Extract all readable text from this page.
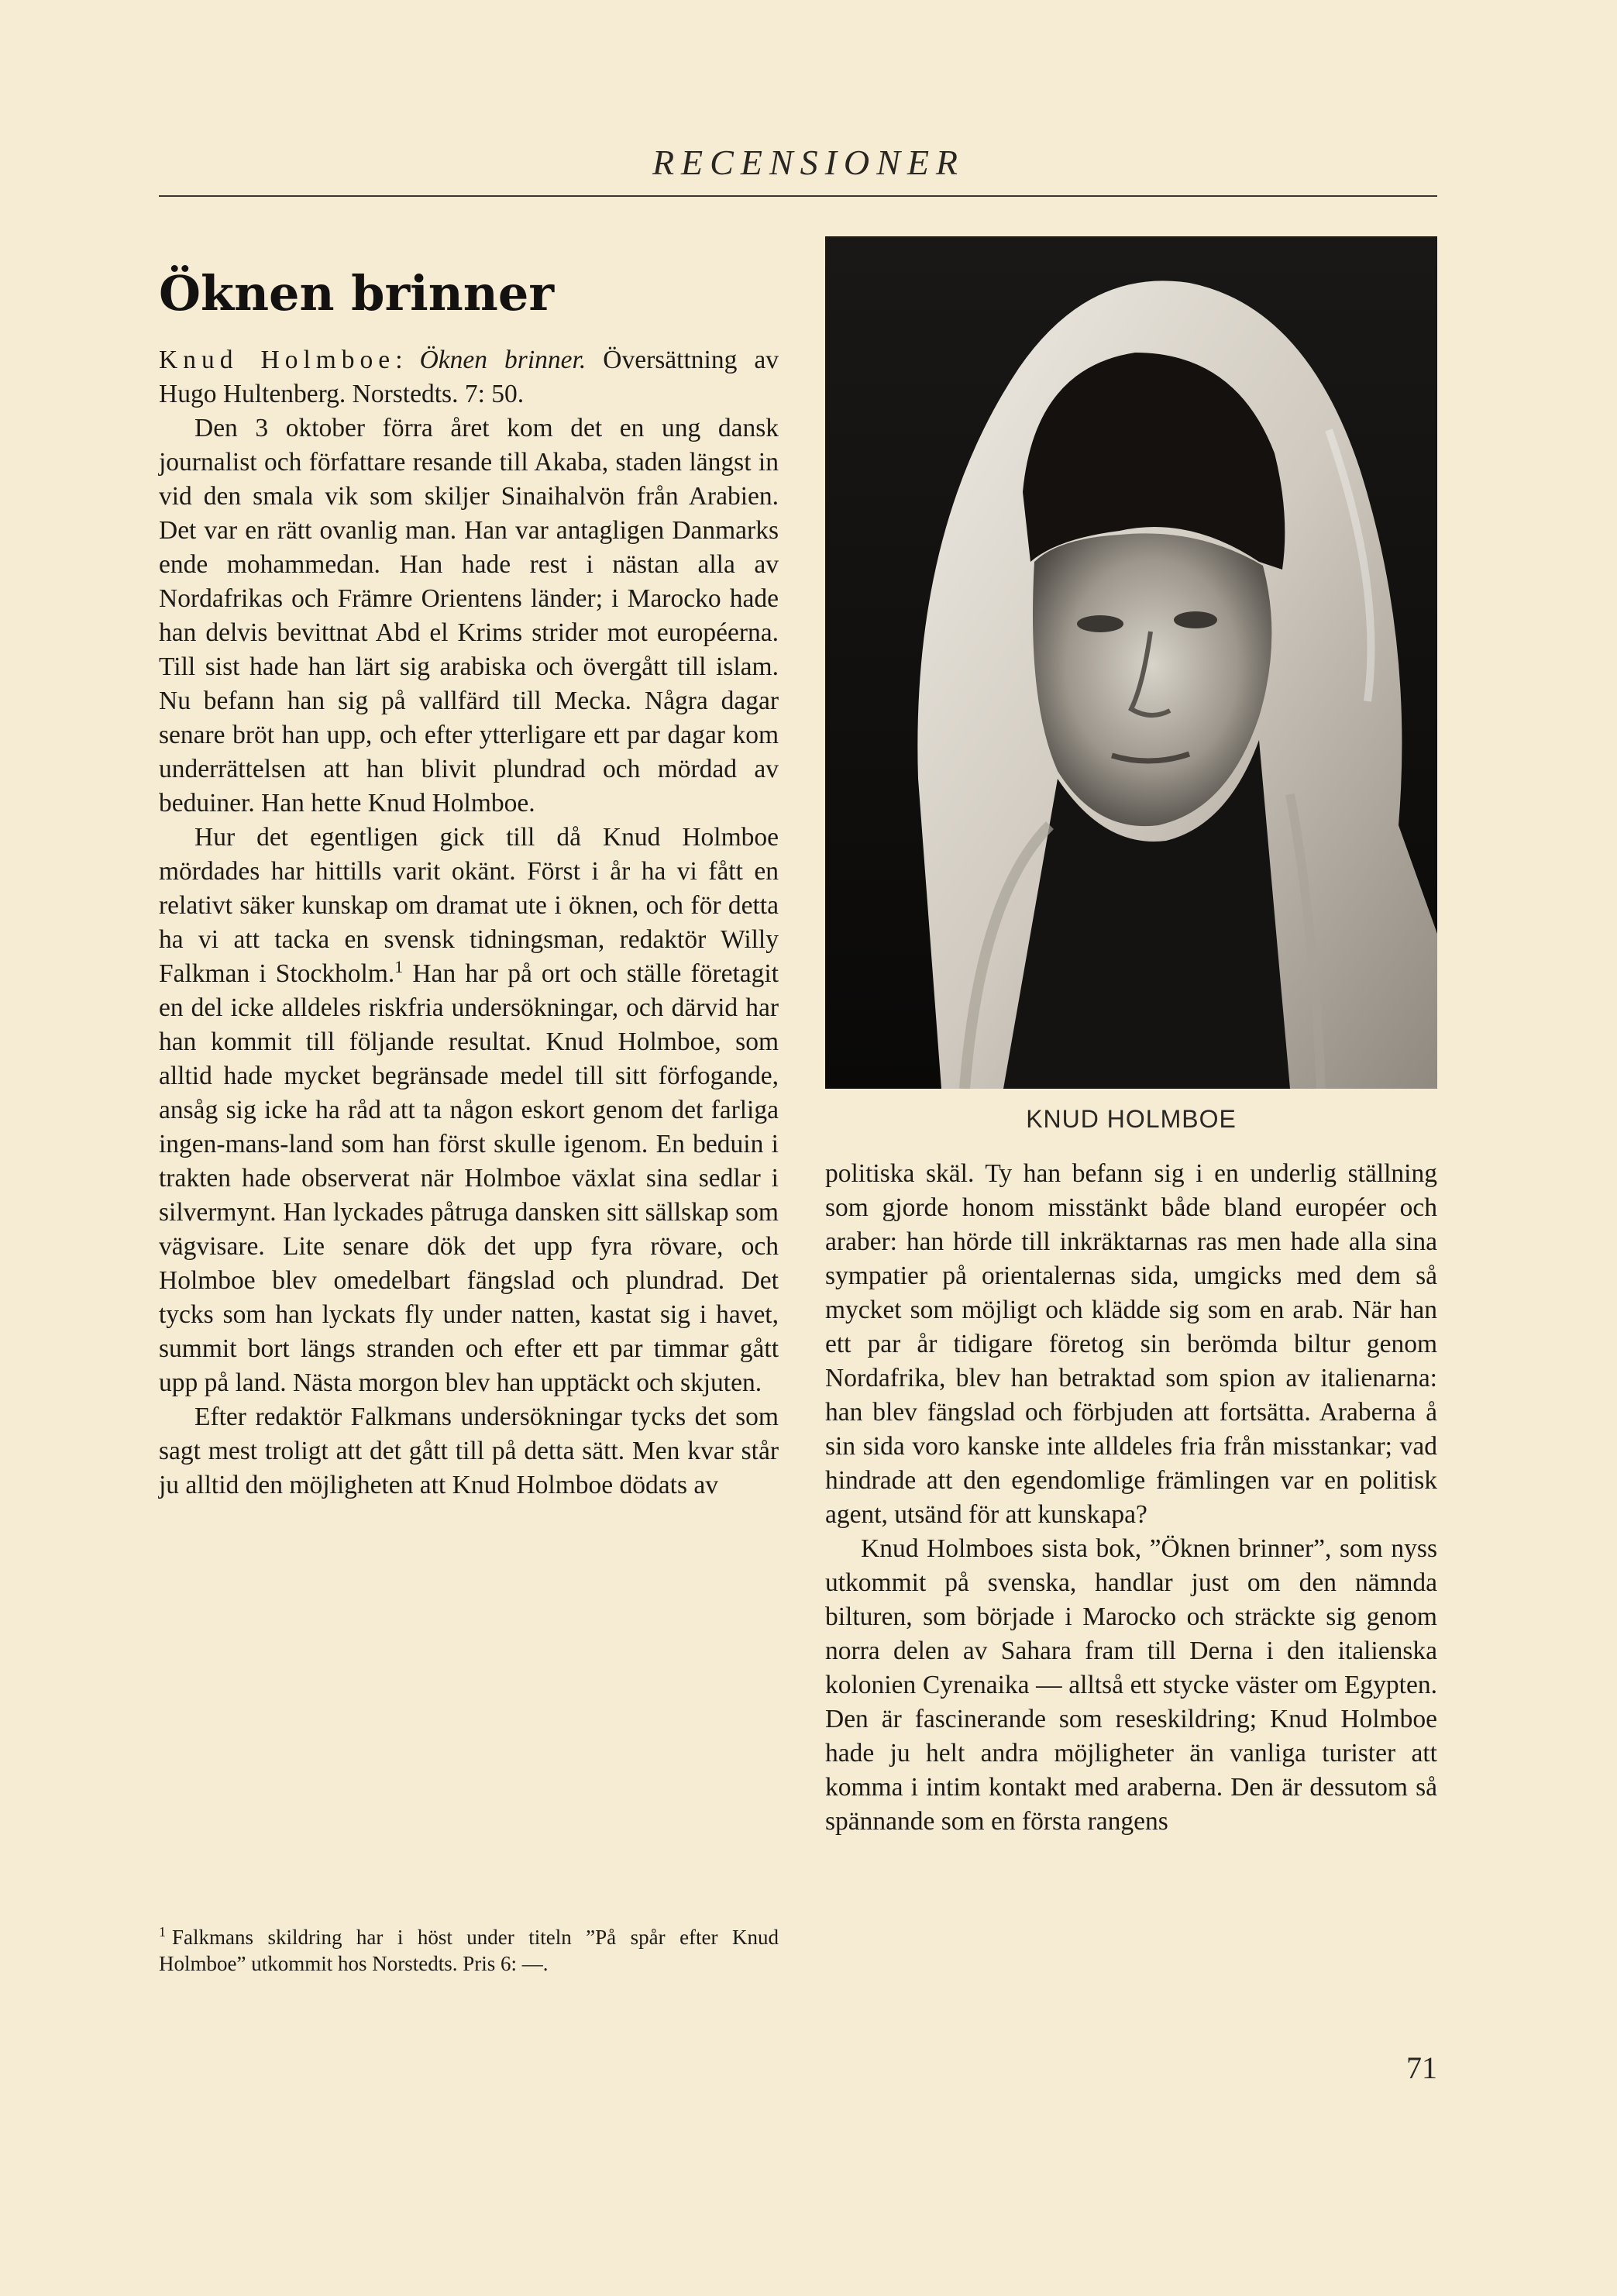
RECENSIONER
Öknen brinner

Knud Holmboe: Öknen brinner. Översättning av Hugo Hultenberg. Norstedts. 7: 50.

Den 3 oktober förra året kom det en ung dansk journalist och författare resande till Akaba, staden längst in vid den smala vik som skiljer Sinaihalvön från Arabien. Det var en rätt ovanlig man. Han var antagligen Danmarks ende mohammedan. Han hade rest i nästan alla av Nordafrikas och Främre Orientens länder; i Marocko hade han delvis bevittnat Abd el Krims strider mot européerna. Till sist hade han lärt sig arabiska och övergått till islam. Nu befann han sig på vallfärd till Mecka. Några dagar senare bröt han upp, och efter ytterligare ett par dagar kom underrättelsen att han blivit plundrad och mördad av beduiner. Han hette Knud Holmboe.

Hur det egentligen gick till då Knud Holmboe mördades har hittills varit okänt. Först i år ha vi fått en relativt säker kunskap om dramat ute i öknen, och för detta ha vi att tacka en svensk tidningsman, redaktör Willy Falkman i Stockholm.$^1$ Han har på ort och ställe företagit en del icke alldeles riskfria undersökningar, och därvid har han kommit till följande resultat. Knud Holmboe, som alltid hade mycket begränsade medel till sitt förfogande, ansåg sig icke ha råd att ta någon eskort genom det farliga ingen-mans-land som han först skulle igenom. En beduin i trakten hade observerat när Holmboe växlat sina sedlar i silvermynt. Han lyckades påtruga dansken sitt sällskap som vägvisare. Lite senare dök det upp fyra rövare, och Holmboe blev omedelbart fängslad och plundrad. Det tycks som han lyckats fly under natten, kastat sig i havet, summit bort längs stranden och efter ett par timmar gått upp på land. Nästa morgon blev han upptäckt och skjuten.

Efter redaktör Falkmans undersökningar tycks det som sagt mest troligt att det gått till på detta sätt. Men kvar står ju alltid den möjligheten att Knud Holmboe dödats av

$^1$ Falkmans skildring har i höst under titeln ”På spår efter Knud Holmboe” utkommit hos Norstedts. Pris 6: —.
KNUD HOLMBOE

politiska skäl. Ty han befann sig i en underlig ställning som gjorde honom misstänkt både bland européer och araber: han hörde till inkräktarnas ras men hade alla sina sympatier på orientalernas sida, umgicks med dem så mycket som möjligt och klädde sig som en arab. När han ett par år tidigare företog sin berömda biltur genom Nordafrika, blev han betraktad som spion av italienarna: han blev fängslad och förbjuden att fortsätta. Araberna å sin sida voro kanske inte alldeles fria från misstankar; vad hindrade att den egendomlige främlingen var en politisk agent, utsänd för att kunskapa?

Knud Holmboes sista bok, ”Öknen brinner”, som nyss utkommit på svenska, handlar just om den nämnda bilturen, som började i Marocko och sträckte sig genom norra delen av Sahara fram till Derna i den italienska kolonien Cyrenaika — alltså ett stycke väster om Egypten. Den är fascinerande som reseskildring; Knud Holmboe hade ju helt andra möjligheter än vanliga turister att komma i intim kontakt med araberna. Den är dessutom så spännande som en första rangens

71
